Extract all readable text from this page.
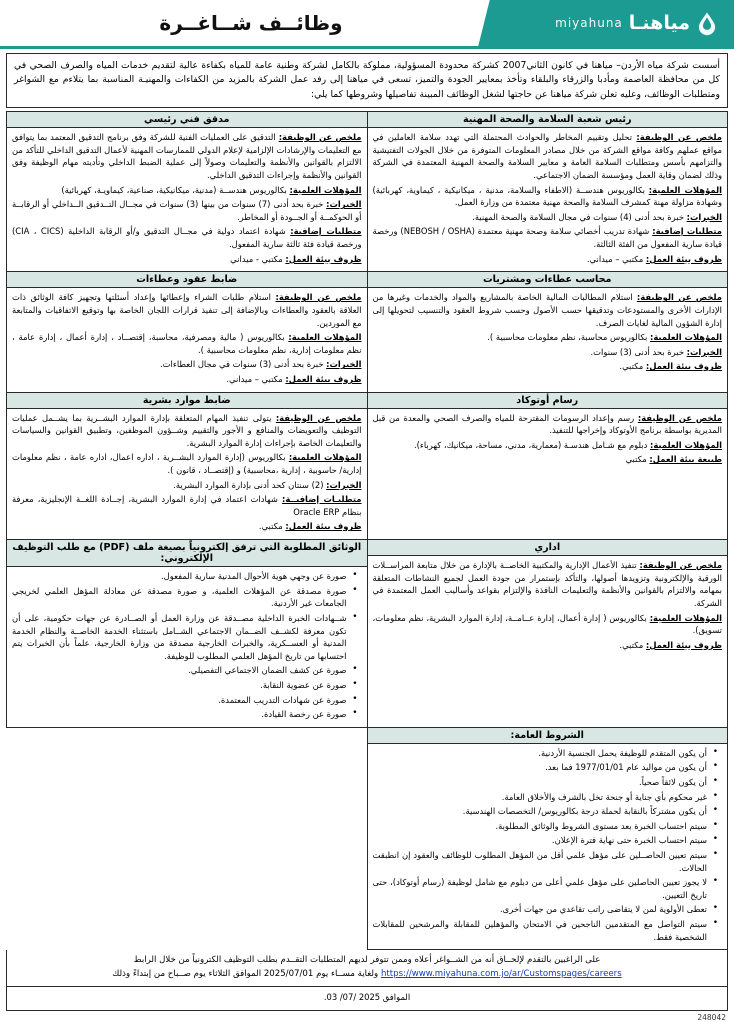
مياهنـا
miyahuna
وظائــف شــاغــرة
أسست شركة مياه الأردن– مياهنا في كانون الثاني2007 كشركة محدودة المسؤولية، مملوكة بالكامل لشركة وطنية عامة للمياه بكفاءة عالية لتقديم خدمات المياه والصرف الصحي في كل من محافظة العاصمة ومأدبا والزرقاء والبلقاء وتأخذ بمعايير الجودة والتميز، تسعى في مياهنا إلى رفد عمل الشركة بالمزيد من الكفاءات والمهنيـة المناسبة بما يتلاءم مع الشواغر ومتطلبات الوظائف، وعليه تعلن شركة مياهنا عن حاجتها لشغل الوظائف المبينة تفاصيلها وشروطها كما يلي:
رئيس شعبة السلامة والصحة المهنية

ملخص عن الوظيفة: تحليل وتقييم المخاطر والحوادث المحتملة التي تهدد سلامة العاملين في مواقع عملهم وكافة مواقع الشركة من خلال مصادر المعلومات المتوفرة من خلال الجولات التفتيشية والتزامهم بأسس ومتطلبات السلامة العامة و معايير السلامة والصحة المهنية المعتمدة في الشركة وذلك لضمان وقاية العمل ومؤسسة الضمان الاجتماعي.

المؤهلات العلمية: بكالوريوس هندســة (الاطفاء والسلامة، مدنية ، ميكانيكية ، كيماوية، كهربائية) وشهادة مزاولة مهنة كمشرف السلامة والصحة مهنية معتمدة من وزارة العمل.

الخبرات: خبرة بحد أدنى (4) سنوات في مجال السلامة والصحة المهنية.

متطلبات إضافية: شهادة تدريب أخصائي سلامة وصحة مهنية معتمدة (NEBOSH / OSHA) ورخصة قيادة سارية المفعول من الفئة الثالثة.

ظروف بيئة العمل: مكتبي – ميداني.

مدقق فني رئيسي

ملخص عن الوظيفة: التدقيق على العمليات الفنية للشركة وفق برنامج التدقيق المعتمد بما يتوافق مع التعليمات والإرشادات الإلزامية لإعلام الدولي للممارسات المهنية لأعمال التدقيق الداخلي للتأكد من الالتزام بالقوانين والأنظمة والتعليمات وصولاً إلى عملية الضبط الداخلي وتأديته مهام الوظيفة وفق القوانين والأنظمة وإجراءات التدقيق الداخلي.

المؤهلات العلمية: بكالوريوس هندســة (مدنية، ميكانيكية، صناعية، كيماويـة، كهربائية)

الخبرات: خبرة بحد أدنى (7) سنوات من بينها (3) سنوات في مجــال التــدقيق الــداخلي أو الرقابــة أو الحوكمــة أو الجــودة أو المخاطر.

متطلبات إضافية: شهادة اعتماد دولية في مجــال التدقيق و/أو الرقابة الداخلية (CIA ، CICS) ورخصة قيادة فئة ثالثة سارية المفعول.

ظروف بيئة العمل: مكتبي - ميداني

محاسب عطاءات ومشتريات

ملخص عن الوظيفة: استلام المطالبات المالية الخاصة بالمشاريع والمواد والخدمات وغيرها من الإدارات الأخرى والمستودعات وتدقيقها حسب الأصول وحسب شروط العقود والتنسيب لتحويلها إلى إدارة الشؤون المالية لغايات الصرف.

المؤهلات العلمية: بكالوريوس محاسبة، نظم معلومات محاسبية ).

الخبرات: خبرة بحد أدنى (3) سنوات.

ظروف بيئة العمل: مكتبي.

ضابط عقود وعطاءات

ملخص عن الوظيفة: استلام طلبات الشراء وإعطائها وإعداد أسئلتها وتجهيز كافة الوثائق ذات العلاقة بالعقود والعطاءات وبالإضافة إلى تنفيذ قرارات اللجان الخاصة بها وتوقيع الاتفاقيات والمتابعة مع الموردين.

المؤهلات العلمية: بكالوريوس ( مالية ومصرفية، محاسبة، إقتصــاد ، إدارة أعمال ، إدارة عامة ، نظم معلومات إدارية، نظم معلومات محاسبية ).

الخبرات: خبرة بحد أدنى (3) سنوات في مجال العطاءات.

ظروف بيئة العمل: مكتبي – ميداني.

رسام أوتوكاد

ملخص عن الوظيفة: رسم وإعداد الرسومات المقترحة للمياه والصرف الصحي والمعدة من قبل المديرية بواسطة برنامج الأوتوكاد وإخراجها للتنفيذ.

المؤهلات العلمية: دبلوم مع شـامل هندسـة (معمارية، مدني، مساحة، ميكانيك، كهرباء).

طبيعة بيئة العمل: مكتبي

ضابط موارد بشرية

ملخص عن الوظيفة: يتولى تنفيذ المهام المتعلقة بإدارة الموارد البشــرية بما يشــمل عمليات التوظيف والتعويضات والمنافع و الأجور والتقييم وشــؤون الموظفين، وتطبيق القوانين والسياسات والتعليمات الخاصة بإجراءات إدارة الموارد البشرية.

المؤهلات العلمية: بكالوريوس (إدارة الموارد البشــرية ، اداره اعمال، اداره عامة ، نظم معلومات إدارية/ حاسوبية ، إدارية ،محاسبية) و (إقتصــاد ، قانون ).

الخبرات: (2) سنتان كحد أدنى بإدارة الموارد البشرية.

متطلبـات إضافيــة: شهادات اعتماد في إدارة الموارد البشرية، إجــادة اللغــة الإنجليزية، معرفة بنظام Oracle ERP

ظروف بيئة العمل: مكتبي.

اداري

ملخص عن الوظيفة: تنفيذ الأعمال الإدارية والمكتبية الخاصــة بالإدارة من خلال متابعة المراســلات الورقية والإلكترونية وتزويدها أصولها، والتأكد بإستمرار من جودة العمل لجميع النشاطات المتعلقة بمهامه والالتزام بالقوانين والأنظمة والتعليمات النافذة والإلتزام بقواعد وأساليب العمل المعتمدة في الشركة.

المؤهلات العلمية: بكالوريوس ( إدارة أعمال، إدارة عــامــة، إدارة الموارد البشرية، نظم معلومات، تسويق).

ظروف بيئة العمل: مكتبي.

الوثائق المطلوبة التي ترفق إلكترونياً بصيغة ملف (PDF) مع طلب التوظيف الإلكتروني:
• صورة عن وجهي هوية الأحوال المدنية سارية المفعول.
• صورة مصدقة عن المؤهلات العلمية، و صورة مصدقة عن معادلة المؤهل العلمي لخريجي الجامعات غير الأردنية.
• شــهادات الخبرة الداخلية مصــدقة عن وزارة العمل أو الصــادرة عن جهات حكومية، على أن تكون معرفة لكشــف الضــمان الاجتماعي الشــامل باستثناء الخدمة الخاصــة والنظام الخدمة المدنية أو العســكرية، والخبرات الخارجية مصدقة من وزارة الخارجية، علماً بأن الخبرات يتم احتسابها من تاريخ المؤهل العلمي المطلوب للوظيفة.
• صورة عن كشف الضمان الاجتماعي التفصيلي.
• صورة عن عضوية النقابة.
• صورة عن شهادات التدريب المعتمدة.
• صورة عن رخصة القيادة.
الشروط العامة:
• أن يكون المتقدم للوظيفة يحمل الجنسية الأردنية.
• أن يكون من مواليد عام 1977/01/01 فما بعد.
• أن يكون لائقاً صحياً.
• غير محكوم بأي جناية أو جنحة تخل بالشرف والأخلاق العامة.
• أن يكون مشتركاً بالنقابة لحملة درجة بكالوريوس/ التخصصات الهندسية.
• سيتم احتساب الخبرة بعد مستوى الشروط والوثائق المطلوبة.
• سيتم احتساب الخبرة حتى نهاية فترة الإعلان.
• سيتم تعيين الحاصــلين على مؤهل علمي أقل من المؤهل المطلوب للوظائف والعقود إن انطبقت الحالات.
• لا يجوز تعيين الحاصلين على مؤهل علمي أعلى من دبلوم مع شامل لوظيفة (رسام أوتوكاد)، حتى تاريخ التعيين.
• تعطى الأولوية لمن لا يتقاضى راتب تقاعدي من جهات أخرى.
• سيتم التواصل مع المتقدمين الناجحين في الامتحان والمؤهلين للمقابلة والمرشحين للمقابلات الشخصية فقط.
على الراغبين بالتقدم لإلحــاق أنه من الشــواغر أعلاه وممن تتوفر لديهم المتطلبات التقــدم بطلب التوظيف الكترونياً من خلال الرابط https://www.miyahuna.com.jo/ar/Customspages/careers ولغاية مســاء يوم 2025/07/01 الموافق الثلاثاء يوم صــباح من إبتداءً وذلك
الموافق 2025 /07/ 03.
248042
